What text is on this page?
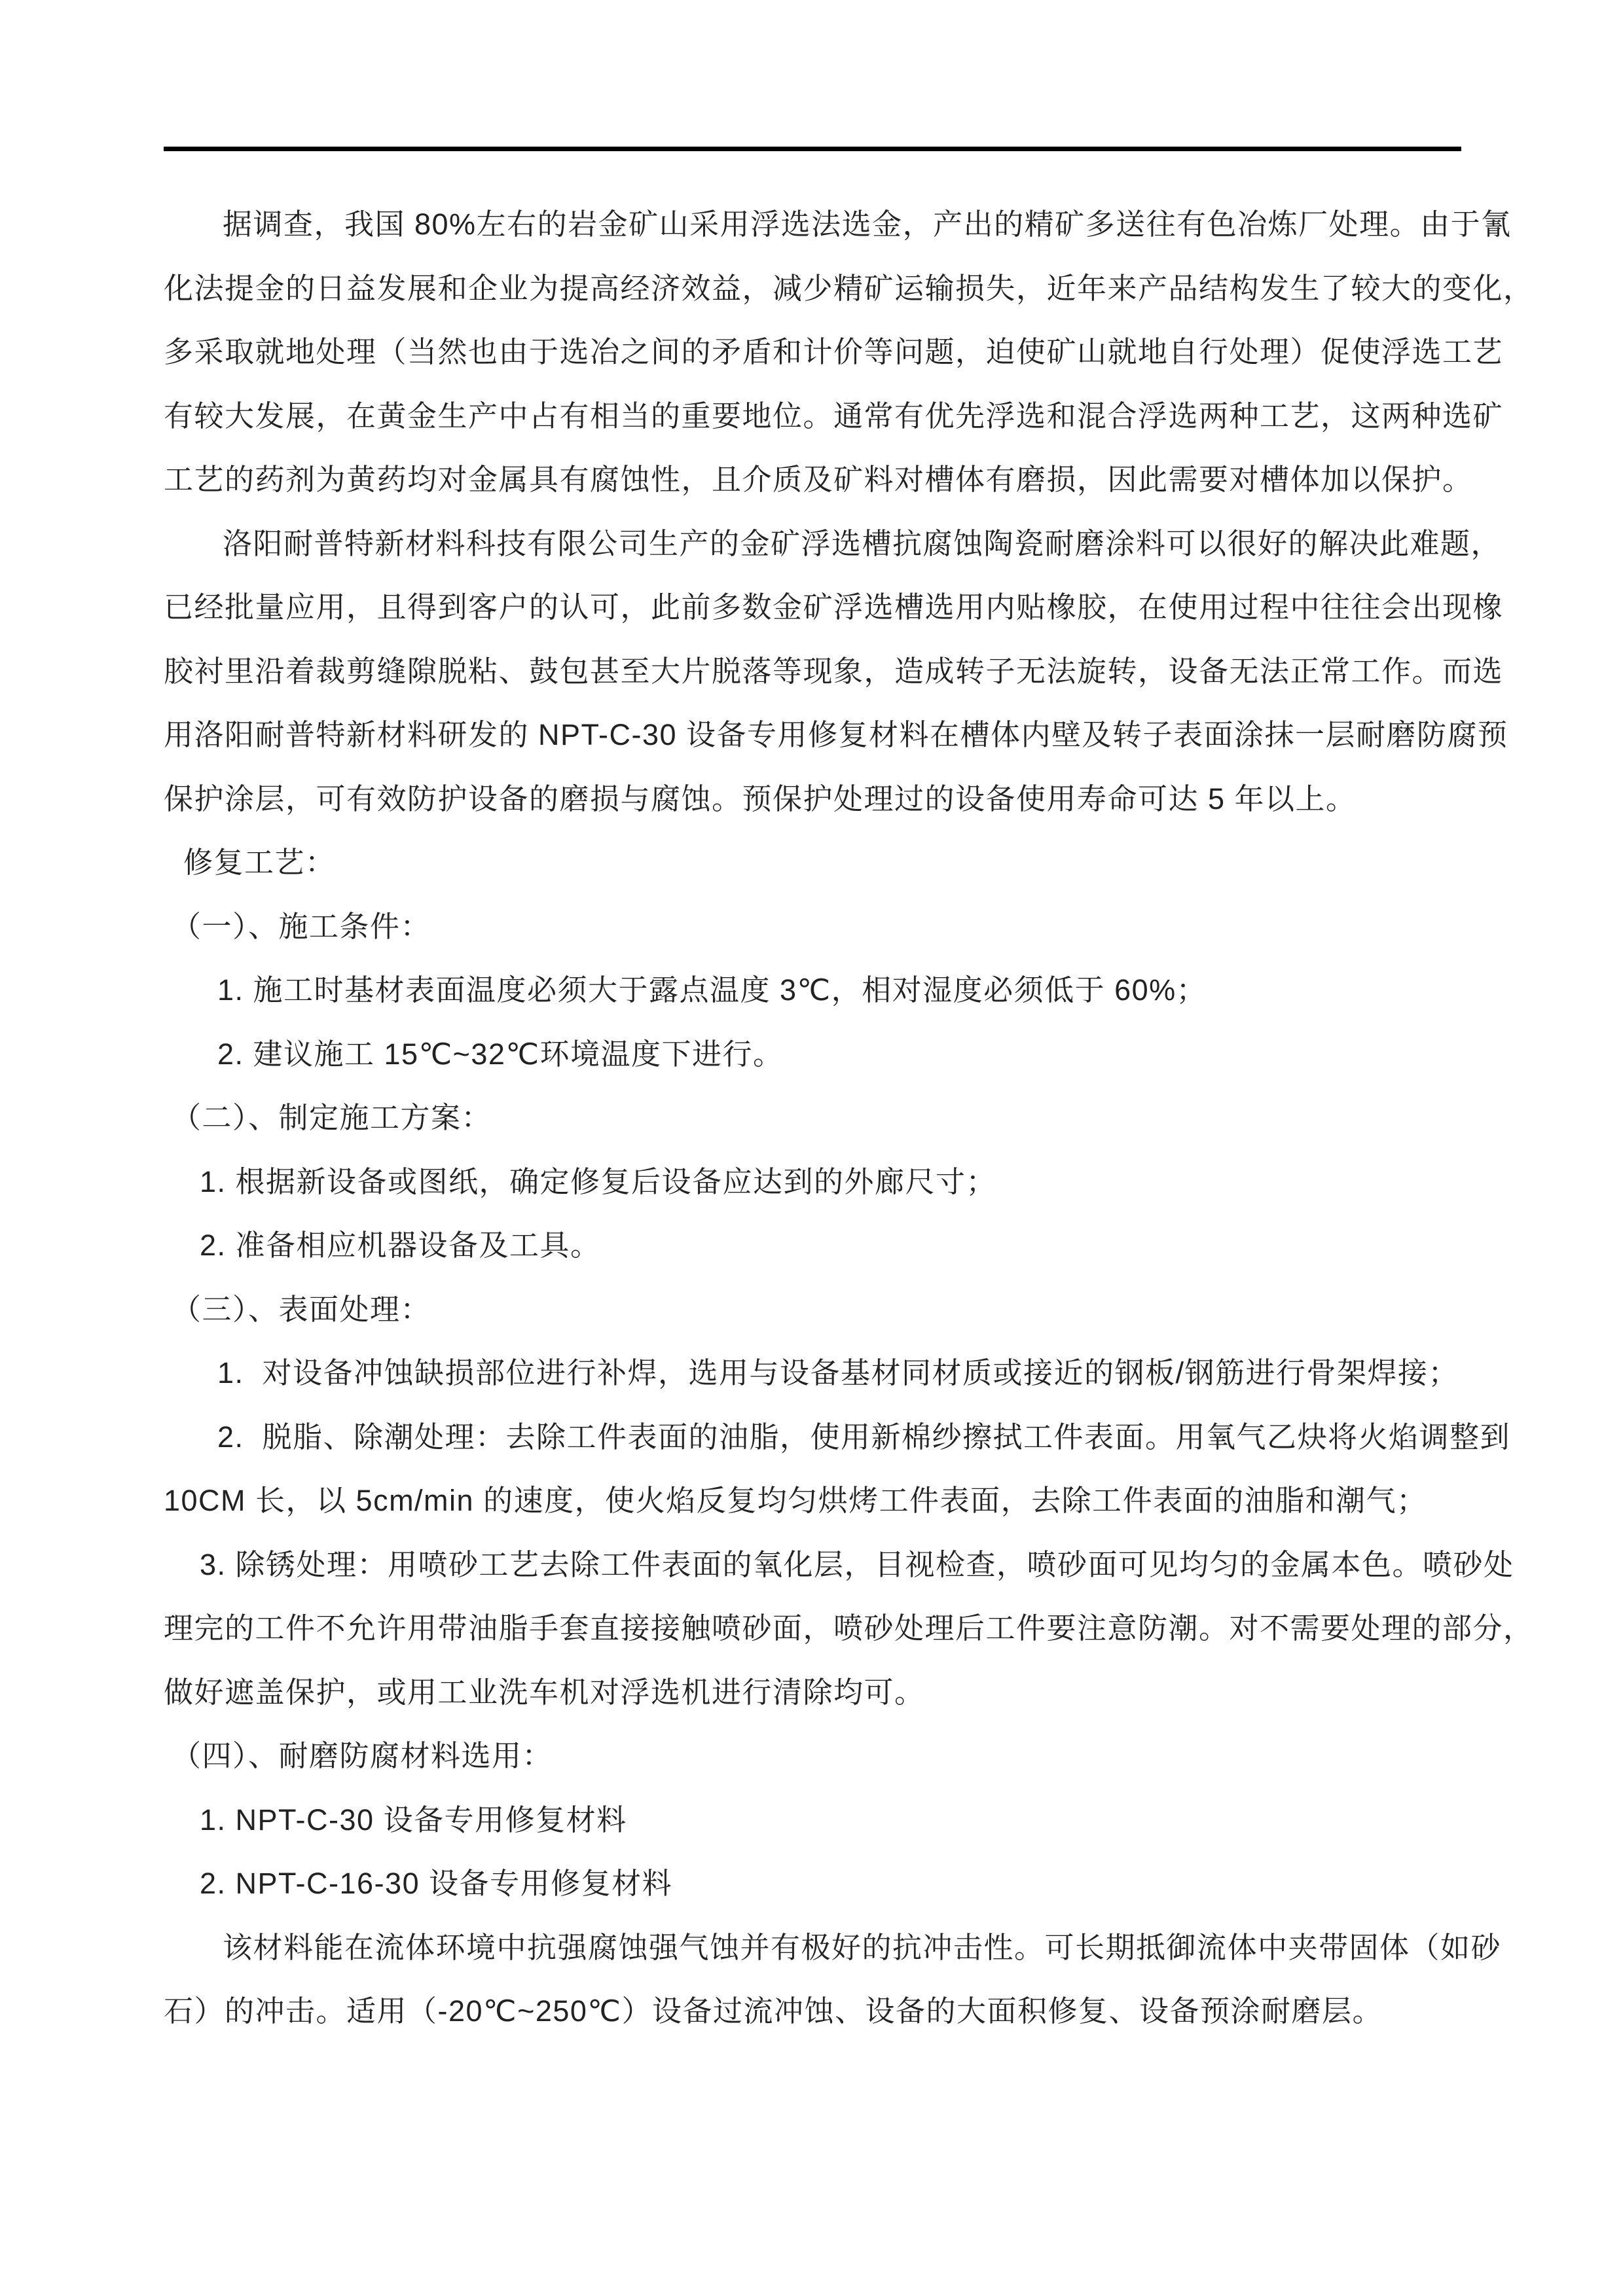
据调查，我国 80%左右的岩金矿山采用浮选法选金，产出的精矿多送往有色冶炼厂处理。由于氰
化法提金的日益发展和企业为提高经济效益，减少精矿运输损失，近年来产品结构发生了较大的变化，
多采取就地处理（当然也由于选冶之间的矛盾和计价等问题，迫使矿山就地自行处理）促使浮选工艺
有较大发展，在黄金生产中占有相当的重要地位。通常有优先浮选和混合浮选两种工艺，这两种选矿
工艺的药剂为黄药均对金属具有腐蚀性，且介质及矿料对槽体有磨损，因此需要对槽体加以保护。
洛阳耐普特新材料科技有限公司生产的金矿浮选槽抗腐蚀陶瓷耐磨涂料可以很好的解决此难题，
已经批量应用，且得到客户的认可，此前多数金矿浮选槽选用内贴橡胶，在使用过程中往往会出现橡
胶衬里沿着裁剪缝隙脱粘、鼓包甚至大片脱落等现象，造成转子无法旋转，设备无法正常工作。而选
用洛阳耐普特新材料研发的 NPT-C-30 设备专用修复材料在槽体内壁及转子表面涂抹一层耐磨防腐预
保护涂层，可有效防护设备的磨损与腐蚀。预保护处理过的设备使用寿命可达 5 年以上。
修复工艺：
（一）、施工条件：
1. 施工时基材表面温度必须大于露点温度 3℃，相对湿度必须低于 60%；
2. 建议施工 15℃~32℃环境温度下进行。
（二）、制定施工方案：
1. 根据新设备或图纸，确定修复后设备应达到的外廊尺寸；
2. 准备相应机器设备及工具。
（三）、表面处理：
1.  对设备冲蚀缺损部位进行补焊，选用与设备基材同材质或接近的钢板/钢筋进行骨架焊接；
2.  脱脂、除潮处理：去除工件表面的油脂，使用新棉纱擦拭工件表面。用氧气乙炔将火焰调整到
10CM 长，以 5cm/min 的速度，使火焰反复均匀烘烤工件表面，去除工件表面的油脂和潮气；
3. 除锈处理：用喷砂工艺去除工件表面的氧化层，目视检查，喷砂面可见均匀的金属本色。喷砂处
理完的工件不允许用带油脂手套直接接触喷砂面，喷砂处理后工件要注意防潮。对不需要处理的部分，
做好遮盖保护，或用工业洗车机对浮选机进行清除均可。
（四）、耐磨防腐材料选用：
1. NPT-C-30 设备专用修复材料
2. NPT-C-16-30 设备专用修复材料
该材料能在流体环境中抗强腐蚀强气蚀并有极好的抗冲击性。可长期抵御流体中夹带固体（如砂
石）的冲击。适用（-20℃~250℃）设备过流冲蚀、设备的大面积修复、设备预涂耐磨层。
